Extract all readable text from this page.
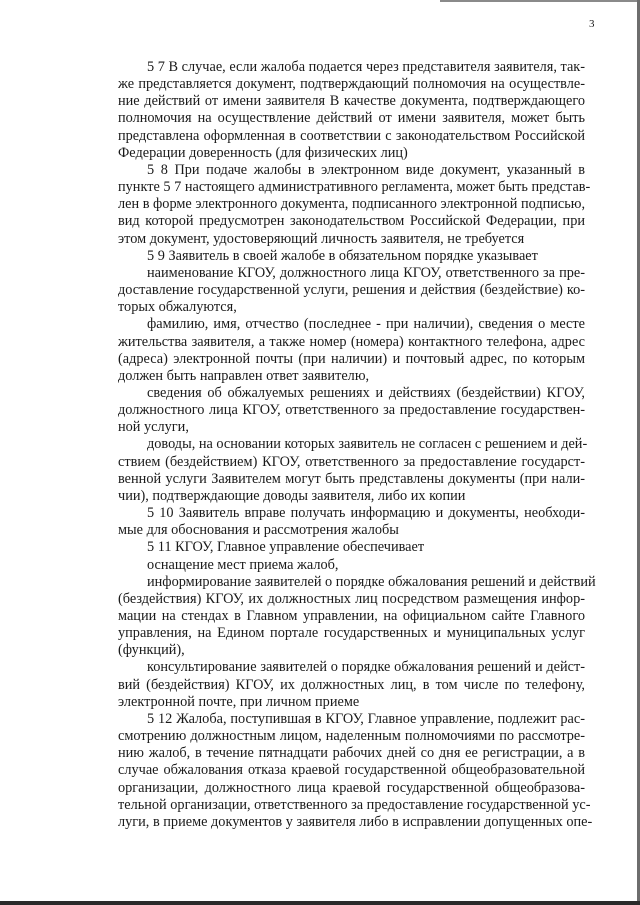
3
5 7 В случае, если жалоба подается через представителя заявителя, так-
же представляется документ, подтверждающий полномочия на осуществле-
ние действий от имени заявителя В качестве документа, подтверждающего
полномочия на осуществление действий от имени заявителя, может быть
представлена оформленная в соответствии с законодательством Российской
Федерации доверенность (для физических лиц)
5 8 При подаче жалобы в электронном виде документ, указанный в
пункте 5 7 настоящего административного регламента, может быть представ-
лен в форме электронного документа, подписанного электронной подписью,
вид которой предусмотрен законодательством Российской Федерации, при
этом документ, удостоверяющий личность заявителя, не требуется
5 9 Заявитель в своей жалобе в обязательном порядке указывает
наименование КГОУ, должностного лица КГОУ, ответственного за пре-
доставление государственной услуги, решения и действия (бездействие) ко-
торых обжалуются,
фамилию, имя, отчество (последнее - при наличии), сведения о месте
жительства заявителя, а также номер (номера) контактного телефона, адрес
(адреса) электронной почты (при наличии) и почтовый адрес, по которым
должен быть направлен ответ заявителю,
сведения об обжалуемых решениях и действиях (бездействии) КГОУ,
должностного лица КГОУ, ответственного за предоставление государствен-
ной услуги,
доводы, на основании которых заявитель не согласен с решением и дей-
ствием (бездействием) КГОУ, ответственного за предоставление государст-
венной услуги Заявителем могут быть представлены документы (при нали-
чии), подтверждающие доводы заявителя, либо их копии
5 10 Заявитель вправе получать информацию и документы, необходи-
мые для обоснования и рассмотрения жалобы
5 11 КГОУ, Главное управление обеспечивает
оснащение мест приема жалоб,
информирование заявителей о порядке обжалования решений и действий
(бездействия) КГОУ, их должностных лиц посредством размещения инфор-
мации на стендах в Главном управлении, на официальном сайте Главного
управления, на Едином портале государственных и муниципальных услуг
(функций),
консультирование заявителей о порядке обжалования решений и дейст-
вий (бездействия) КГОУ, их должностных лиц, в том числе по телефону,
электронной почте, при личном приеме
5 12 Жалоба, поступившая в КГОУ, Главное управление, подлежит рас-
смотрению должностным лицом, наделенным полномочиями по рассмотре-
нию жалоб, в течение пятнадцати рабочих дней со дня ее регистрации, а в
случае обжалования отказа краевой государственной общеобразовательной
организации, должностного лица краевой государственной общеобразова-
тельной организации, ответственного за предоставление государственной ус-
луги, в приеме документов у заявителя либо в исправлении допущенных опе-
